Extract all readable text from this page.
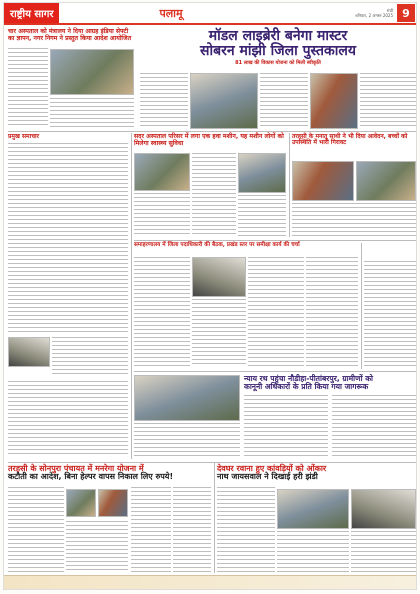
राष्ट्रीय सागर	पलामू	रांची
शनिवार, 2 अगस्त 2025 9
चार अस्पताल को मंत्रालय ने दिया आग्रह इंडिया सेफ्टी का ज्ञापन, नगर निगम ने प्रस्तुत किया आदेश आयोजित	मॉडल लाइब्रेरी बनेगा मास्टर
सोबरन मांझी जिला पुस्तकालय
81 लाख की विकास योजना को मिली स्वीकृति
प्रमुख समाचार	सदर अस्पताल परिसर में लगा एक हवा मशीन, यह मशीन लोगों को मिलेगा स्वास्थ्य सुविधा
तरहसी के मनातू साथी ने भी दिया आवेदन, बच्चों को उपस्थिति में भारी गिरावट
समाहरणालय में जिला पदाधिकारी की बैठक, प्रखंड स्तर पर समीक्षा कार्य की चर्चा
न्याय रथ पहुंचा नौडीहा-पीतांबरपुर, ग्रामीणों को
कानूनी अधिकारों के प्रति किया गया जागरूक
तरहसी के सोनपुरा पंचायत में मनरेगा योजना में
कटौती का आदेश, बिना हेल्पर वापस निकाल लिए रुपये!
देवघर रवाना हुए कांवड़ियों को ओंकार
नाथ जायसवाल ने दिखाई हरी झंडी
